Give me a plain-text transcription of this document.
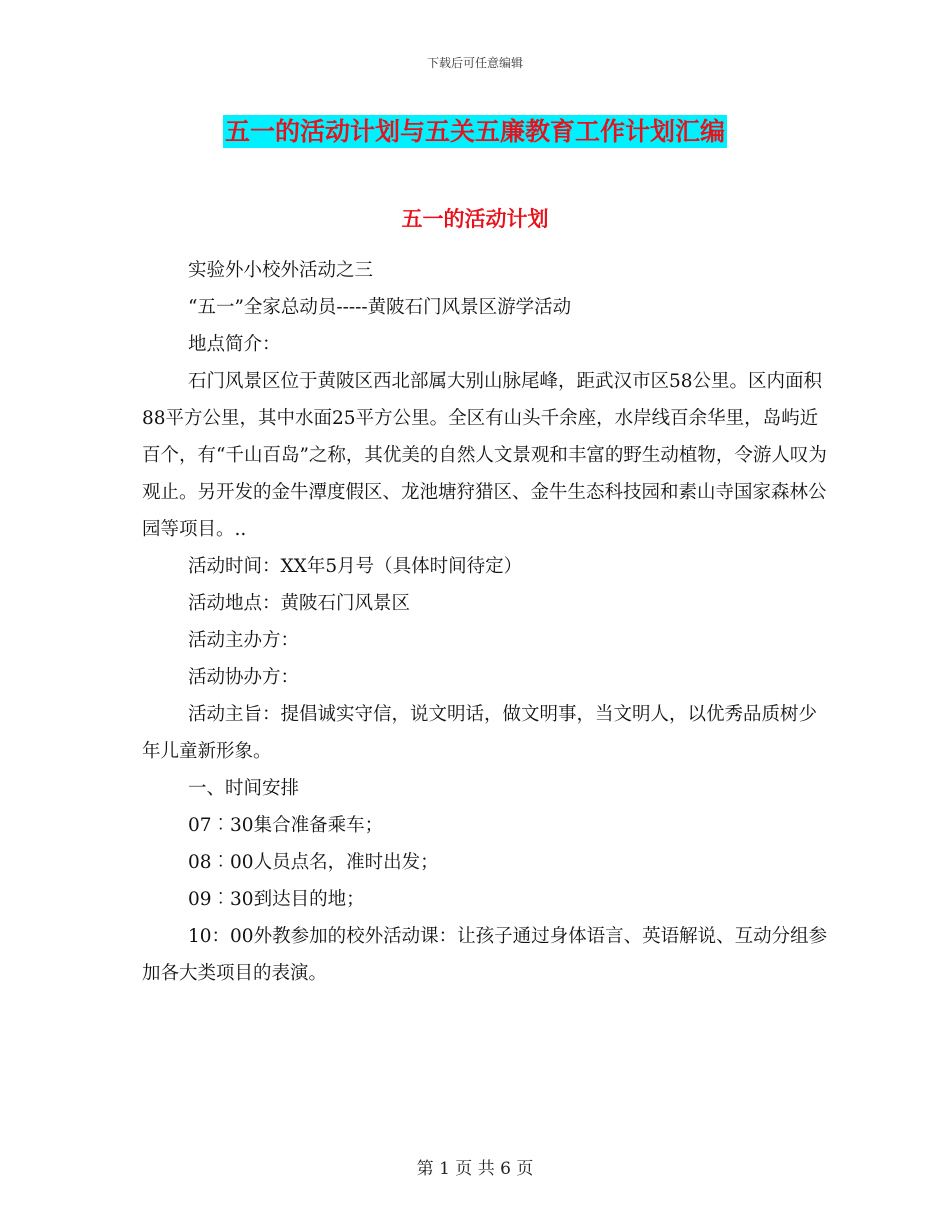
下载后可任意编辑
五一的活动计划与五关五廉教育工作计划汇编
五一的活动计划

实验外小校外活动之三

“五一”全家总动员-----黄陂石门风景区游学活动

地点简介：

石门风景区位于黄陂区西北部属大别山脉尾峰，距武汉市区58公里。区内面积88平方公里，其中水面25平方公里。全区有山头千余座，水岸线百余华里，岛屿近百个，有“千山百岛”之称，其优美的自然人文景观和丰富的野生动植物，令游人叹为观止。另开发的金牛潭度假区、龙池塘狩猎区、金牛生态科技园和素山寺国家森林公园等项目。..

活动时间：XX年5月号（具体时间待定）

活动地点：黄陂石门风景区

活动主办方：

活动协办方：

活动主旨：提倡诚实守信，说文明话，做文明事，当文明人，以优秀品质树少年儿童新形象。

一、时间安排

07︰30集合准备乘车；

08︰00人员点名，准时出发；

09︰30到达目的地；

10：00外教参加的校外活动课：让孩子通过身体语言、英语解说、互动分组参加各大类项目的表演。

第 1 页 共 6 页
